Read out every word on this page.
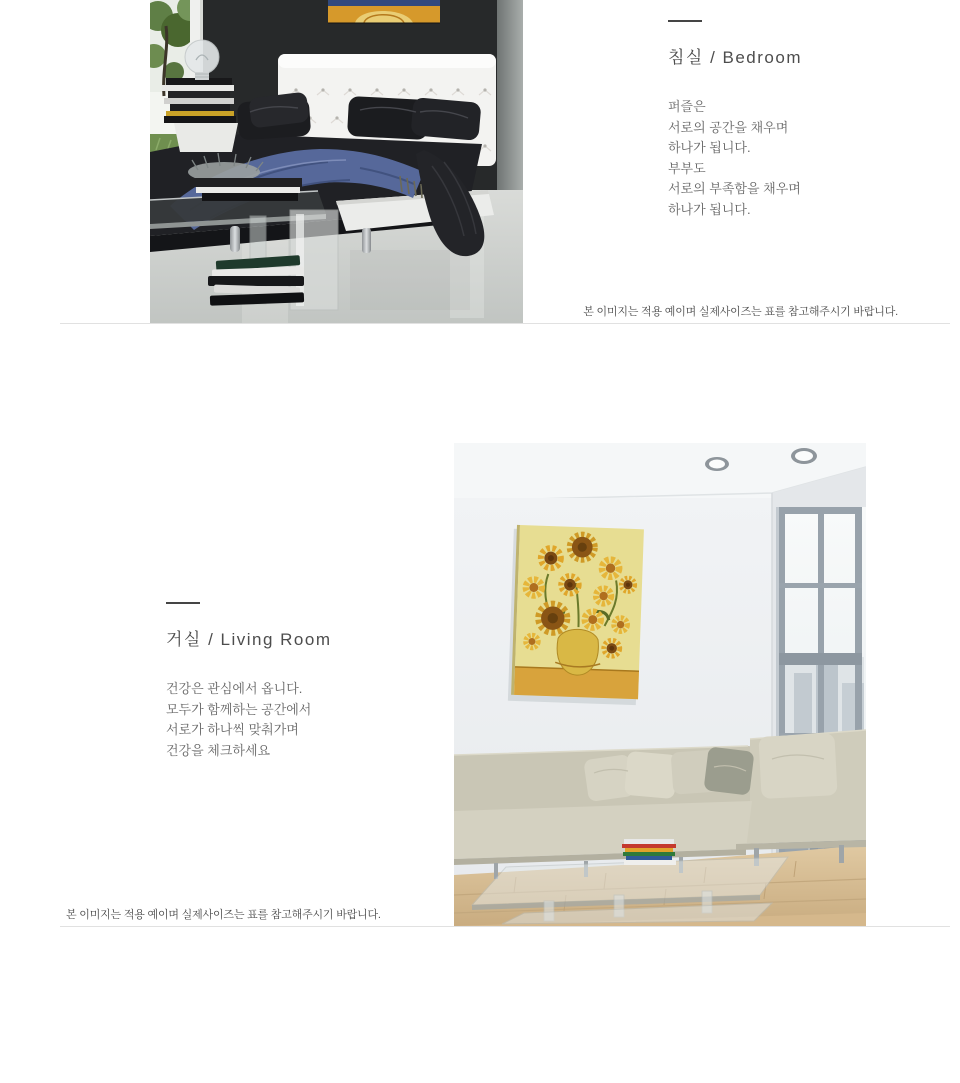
침실 / Bedroom

퍼즐은

서로의 공간을 채우며

하나가 됩니다.

부부도

서로의 부족함을 채우며

하나가 됩니다.

본 이미지는 적용 예이며 실제사이즈는 표를 참고해주시기 바랍니다.
거실 / Living Room

건강은 관심에서 옵니다.

모두가 함께하는 공간에서

서로가 하나씩 맞춰가며

건강을 체크하세요

본 이미지는 적용 예이며 실제사이즈는 표를 참고해주시기 바랍니다.
